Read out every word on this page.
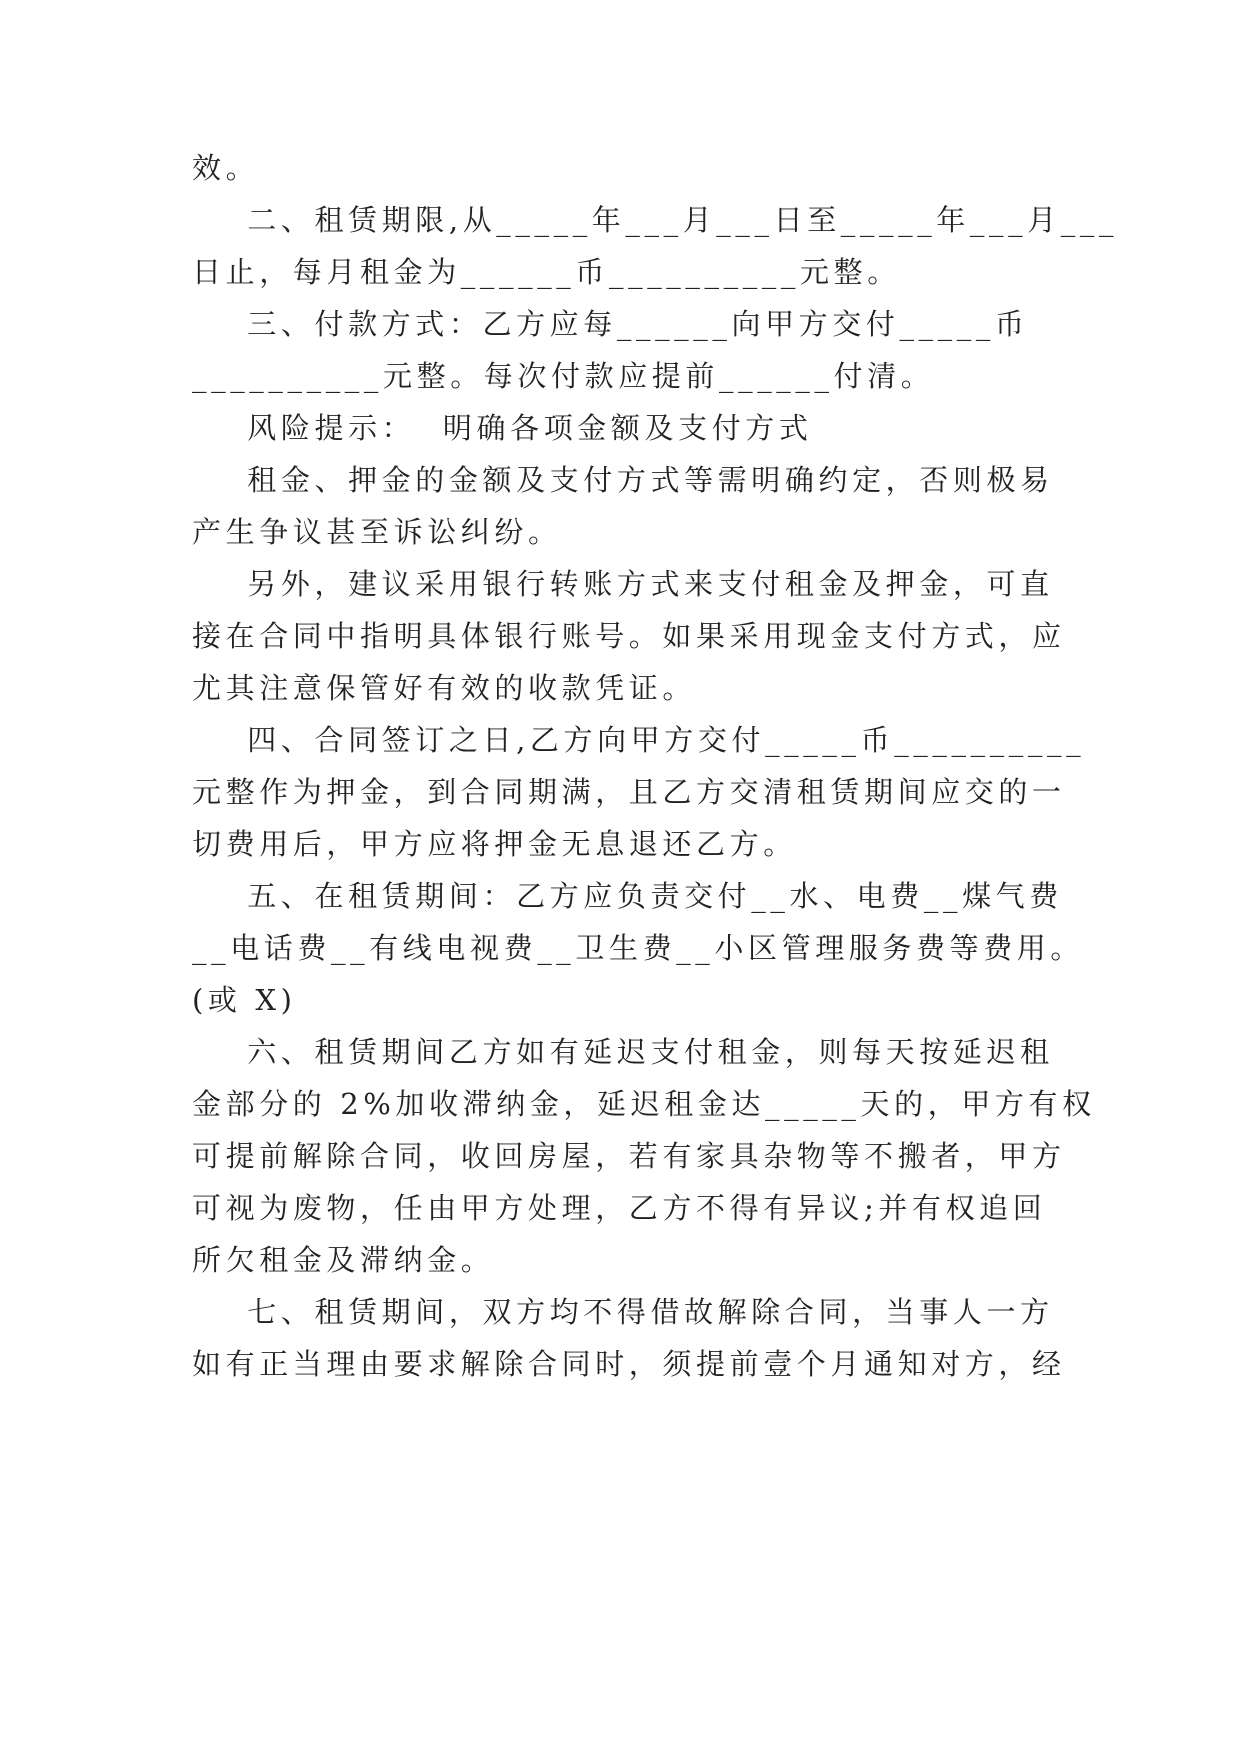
效。
二、租赁期限,从_____年___月___日至_____年___月___
日止，每月租金为______币__________元整。
三、付款方式：乙方应每______向甲方交付_____币
__________元整。每次付款应提前______付清。
风险提示：  明确各项金额及支付方式
租金、押金的金额及支付方式等需明确约定，否则极易
产生争议甚至诉讼纠纷。
另外，建议采用银行转账方式来支付租金及押金，可直
接在合同中指明具体银行账号。如果采用现金支付方式，应
尤其注意保管好有效的收款凭证。
四、合同签订之日,乙方向甲方交付_____币__________
元整作为押金，到合同期满，且乙方交清租赁期间应交的一
切费用后，甲方应将押金无息退还乙方。
五、在租赁期间：乙方应负责交付__水、电费__煤气费
__电话费__有线电视费__卫生费__小区管理服务费等费用。
(或 X)
六、租赁期间乙方如有延迟支付租金，则每天按延迟租
金部分的 2%加收滞纳金，延迟租金达_____天的，甲方有权
可提前解除合同，收回房屋，若有家具杂物等不搬者，甲方
可视为废物，任由甲方处理，乙方不得有异议;并有权追回
所欠租金及滞纳金。
七、租赁期间，双方均不得借故解除合同，当事人一方
如有正当理由要求解除合同时，须提前壹个月通知对方，经
